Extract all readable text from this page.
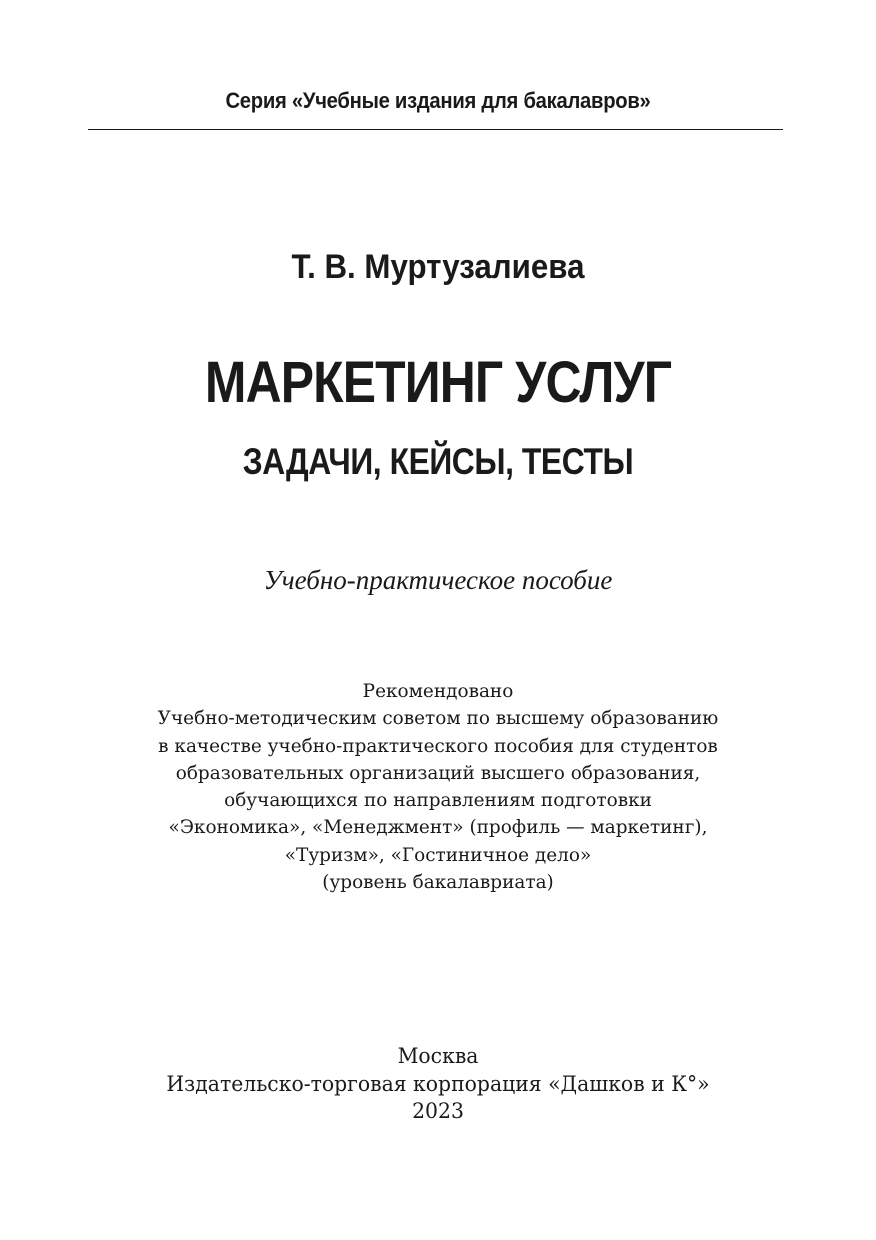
Серия «Учебные издания для бакалавров»
Т. В. Муртузалиева
МАРКЕТИНГ УСЛУГ
ЗАДАЧИ, КЕЙСЫ, ТЕСТЫ
Учебно-практическое пособие
Рекомендовано
Учебно-методическим советом по высшему образованию
в качестве учебно-практического пособия для студентов
образовательных организаций высшего образования,
обучающихся по направлениям подготовки
«Экономика», «Менеджмент» (профиль — маркетинг),
«Туризм», «Гостиничное дело»
(уровень бакалавриата)
Москва
Издательско-торговая корпорация «Дашков и К°»
2023
